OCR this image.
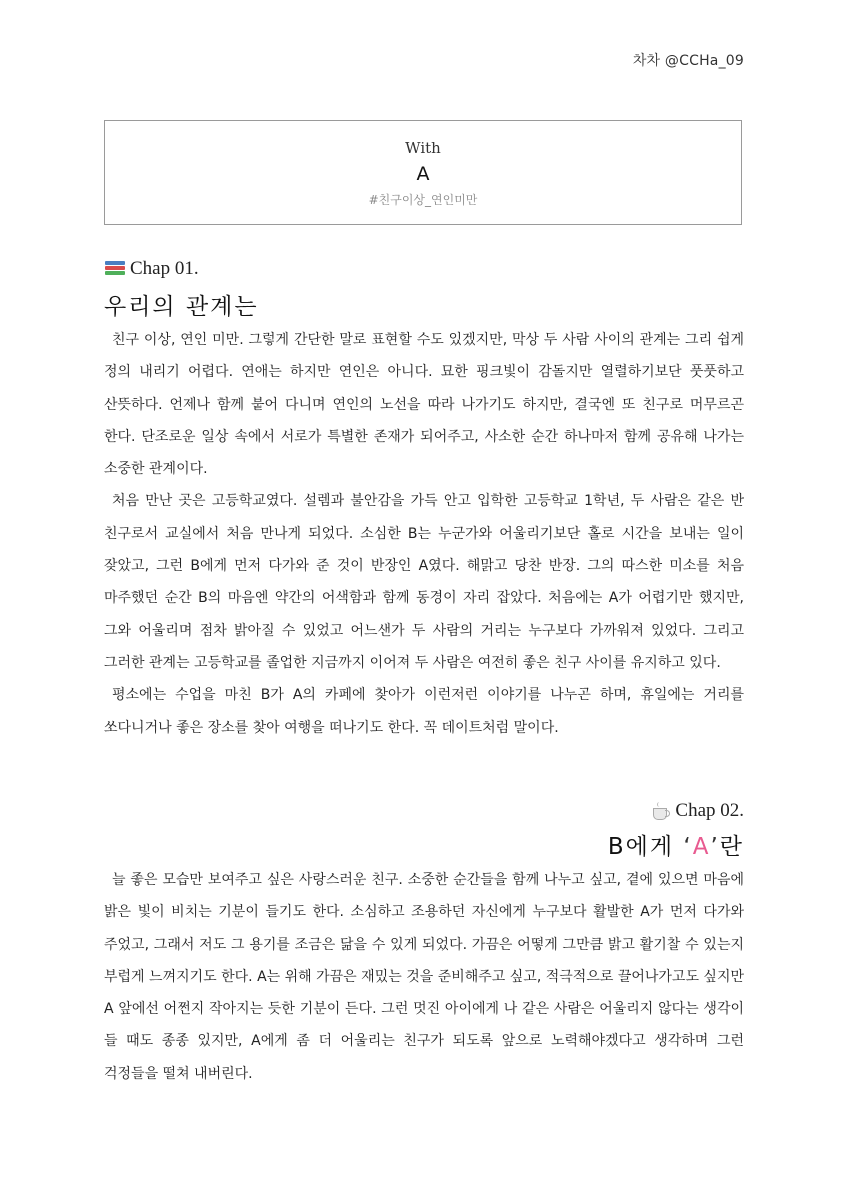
차차 @CCHa_09
With
A
#친구이상_연인미만
Chap 01.
우리의 관계는

친구 이상, 연인 미만. 그렇게 간단한 말로 표현할 수도 있겠지만, 막상 두 사람 사이의 관계는 그리 쉽게 정의 내리기 어렵다. 연애는 하지만 연인은 아니다. 묘한 핑크빛이 감돌지만 열렬하기보단 풋풋하고 산뜻하다. 언제나 함께 붙어 다니며 연인의 노선을 따라 나가기도 하지만, 결국엔 또 친구로 머무르곤 한다. 단조로운 일상 속에서 서로가 특별한 존재가 되어주고, 사소한 순간 하나마저 함께 공유해 나가는 소중한 관계이다.

처음 만난 곳은 고등학교였다. 설렘과 불안감을 가득 안고 입학한 고등학교 1학년, 두 사람은 같은 반 친구로서 교실에서 처음 만나게 되었다. 소심한 B는 누군가와 어울리기보단 홀로 시간을 보내는 일이 잦았고, 그런 B에게 먼저 다가와 준 것이 반장인 A였다. 해맑고 당찬 반장. 그의 따스한 미소를 처음 마주했던 순간 B의 마음엔 약간의 어색함과 함께 동경이 자리 잡았다. 처음에는 A가 어렵기만 했지만, 그와 어울리며 점차 밝아질 수 있었고 어느샌가 두 사람의 거리는 누구보다 가까워져 있었다. 그리고 그러한 관계는 고등학교를 졸업한 지금까지 이어져 두 사람은 여전히 좋은 친구 사이를 유지하고 있다.

평소에는 수업을 마친 B가 A의 카페에 찾아가 이런저런 이야기를 나누곤 하며, 휴일에는 거리를 쏘다니거나 좋은 장소를 찾아 여행을 떠나기도 한다. 꼭 데이트처럼 말이다.

Chap 02.
B에게 ‘A’란

늘 좋은 모습만 보여주고 싶은 사랑스러운 친구. 소중한 순간들을 함께 나누고 싶고, 곁에 있으면 마음에 밝은 빛이 비치는 기분이 들기도 한다. 소심하고 조용하던 자신에게 누구보다 활발한 A가 먼저 다가와 주었고, 그래서 저도 그 용기를 조금은 닮을 수 있게 되었다. 가끔은 어떻게 그만큼 밝고 활기찰 수 있는지 부럽게 느껴지기도 한다. A는 위해 가끔은 재밌는 것을 준비해주고 싶고, 적극적으로 끌어나가고도 싶지만 A 앞에선 어쩐지 작아지는 듯한 기분이 든다. 그런 멋진 아이에게 나 같은 사람은 어울리지 않다는 생각이 들 때도 종종 있지만, A에게 좀 더 어울리는 친구가 되도록 앞으로 노력해야겠다고 생각하며 그런 걱정들을 떨쳐 내버린다.
